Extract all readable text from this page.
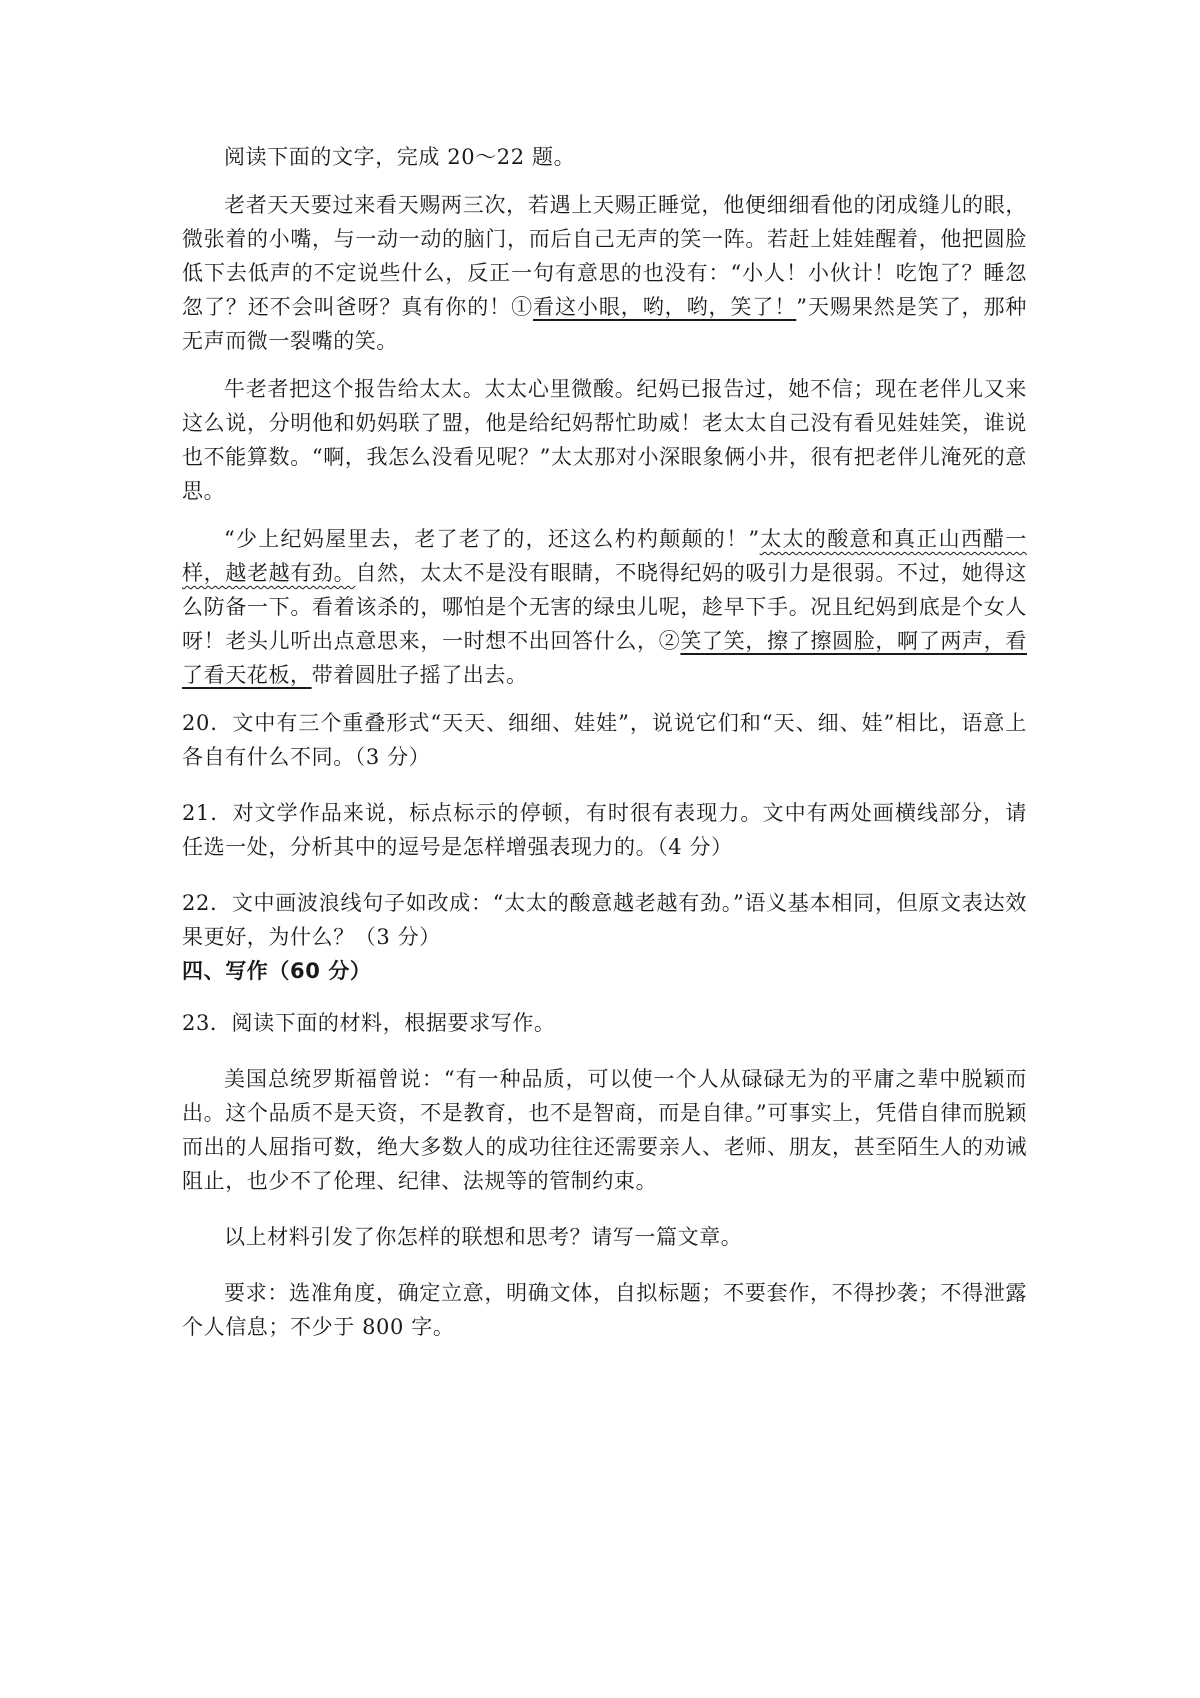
阅读下面的文字，完成 20～22 题。

老者天天要过来看天赐两三次，若遇上天赐正睡觉，他便细细看他的闭成缝儿的眼，微张着的小嘴，与一动一动的脑门，而后自己无声的笑一阵。若赶上娃娃醒着，他把圆脸低下去低声的不定说些什么，反正一句有意思的也没有：“小人！小伙计！吃饱了？睡忽忽了？还不会叫爸呀？真有你的！①看这小眼，哟，哟，笑了！”天赐果然是笑了，那种无声而微一裂嘴的笑。

牛老者把这个报告给太太。太太心里微酸。纪妈已报告过，她不信；现在老伴儿又来这么说，分明他和奶妈联了盟，他是给纪妈帮忙助威！老太太自己没有看见娃娃笑，谁说也不能算数。“啊，我怎么没看见呢？”太太那对小深眼象俩小井，很有把老伴儿淹死的意思。

“少上纪妈屋里去，老了老了的，还这么杓杓颠颠的！”太太的酸意和真正山西醋一样，越老越有劲。自然，太太不是没有眼睛，不晓得纪妈的吸引力是很弱。不过，她得这么防备一下。看着该杀的，哪怕是个无害的绿虫儿呢，趁早下手。况且纪妈到底是个女人呀！老头儿听出点意思来，一时想不出回答什么，②笑了笑，擦了擦圆脸，啊了两声，看了看天花板，带着圆肚子摇了出去。

20．文中有三个重叠形式“天天、细细、娃娃”，说说它们和“天、细、娃”相比，语意上各自有什么不同。（3 分）

21．对文学作品来说，标点标示的停顿，有时很有表现力。文中有两处画横线部分，请任选一处，分析其中的逗号是怎样增强表现力的。（4 分）

22．文中画波浪线句子如改成：“太太的酸意越老越有劲。”语义基本相同，但原文表达效果更好，为什么？（3 分）

四、写作（60 分）

23．阅读下面的材料，根据要求写作。

美国总统罗斯福曾说：“有一种品质，可以使一个人从碌碌无为的平庸之辈中脱颖而出。这个品质不是天资，不是教育，也不是智商，而是自律。”可事实上，凭借自律而脱颖而出的人屈指可数，绝大多数人的成功往往还需要亲人、老师、朋友，甚至陌生人的劝诫阻止，也少不了伦理、纪律、法规等的管制约束。

以上材料引发了你怎样的联想和思考？请写一篇文章。

要求：选准角度，确定立意，明确文体，自拟标题；不要套作，不得抄袭；不得泄露个人信息；不少于 800 字。
